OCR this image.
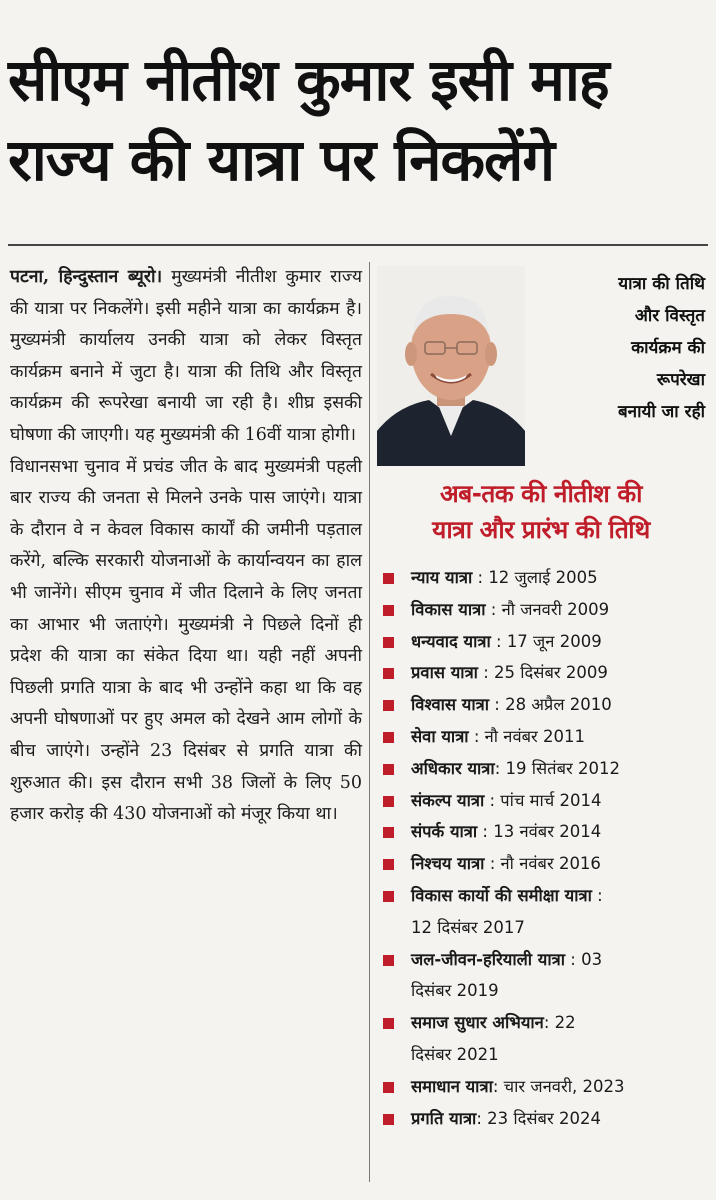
सीएम नीतीश कुमार इसी माह
राज्य की यात्रा पर निकलेंगे

पटना, हिन्दुस्तान ब्यूरो। मुख्यमंत्री नीतीश कुमार राज्य की यात्रा पर निकलेंगे। इसी महीने यात्रा का कार्यक्रम है। मुख्यमंत्री कार्यालय उनकी यात्रा को लेकर विस्तृत कार्यक्रम बनाने में जुटा है। यात्रा की तिथि और विस्तृत कार्यक्रम की रूपरेखा बनायी जा रही है। शीघ्र इसकी घोषणा की जाएगी। यह मुख्यमंत्री की 16वीं यात्रा होगी।

विधानसभा चुनाव में प्रचंड जीत के बाद मुख्यमंत्री पहली बार राज्य की जनता से मिलने उनके पास जाएंगे। यात्रा के दौरान वे न केवल विकास कार्यों की जमीनी पड़ताल करेंगे, बल्कि सरकारी योजनाओं के कार्यान्वयन का हाल भी जानेंगे। सीएम चुनाव में जीत दिलाने के लिए जनता का आभार भी जताएंगे। मुख्यमंत्री ने पिछले दिनों ही प्रदेश की यात्रा का संकेत दिया था। यही नहीं अपनी पिछली प्रगति यात्रा के बाद भी उन्होंने कहा था कि वह अपनी घोषणाओं पर हुए अमल को देखने आम लोगों के बीच जाएंगे। उन्होंने 23 दिसंबर से प्रगति यात्रा की शुरुआत की। इस दौरान सभी 38 जिलों के लिए 50 हजार करोड़ की 430 योजनाओं को मंजूर किया था।

यात्रा की तिथि
और विस्तृत
कार्यक्रम की
रूपरेखा
बनायी जा रही
अब-तक की नीतीश की
यात्रा और प्रारंभ की तिथि
न्याय यात्रा : 12 जुलाई 2005
विकास यात्रा : नौ जनवरी 2009
धन्यवाद यात्रा : 17 जून 2009
प्रवास यात्रा : 25 दिसंबर 2009
विश्वास यात्रा : 28 अप्रैल 2010
सेवा यात्रा : नौ नवंबर 2011
अधिकार यात्रा: 19 सितंबर 2012
संकल्प यात्रा : पांच मार्च 2014
संपर्क यात्रा : 13 नवंबर 2014
निश्चय यात्रा : नौ नवंबर 2016
विकास कार्यो की समीक्षा यात्रा :
12 दिसंबर 2017
जल-जीवन-हरियाली यात्रा : 03
दिसंबर 2019
समाज सुधार अभियान: 22
दिसंबर 2021
समाधान यात्रा: चार जनवरी, 2023
प्रगति यात्रा: 23 दिसंबर 2024
